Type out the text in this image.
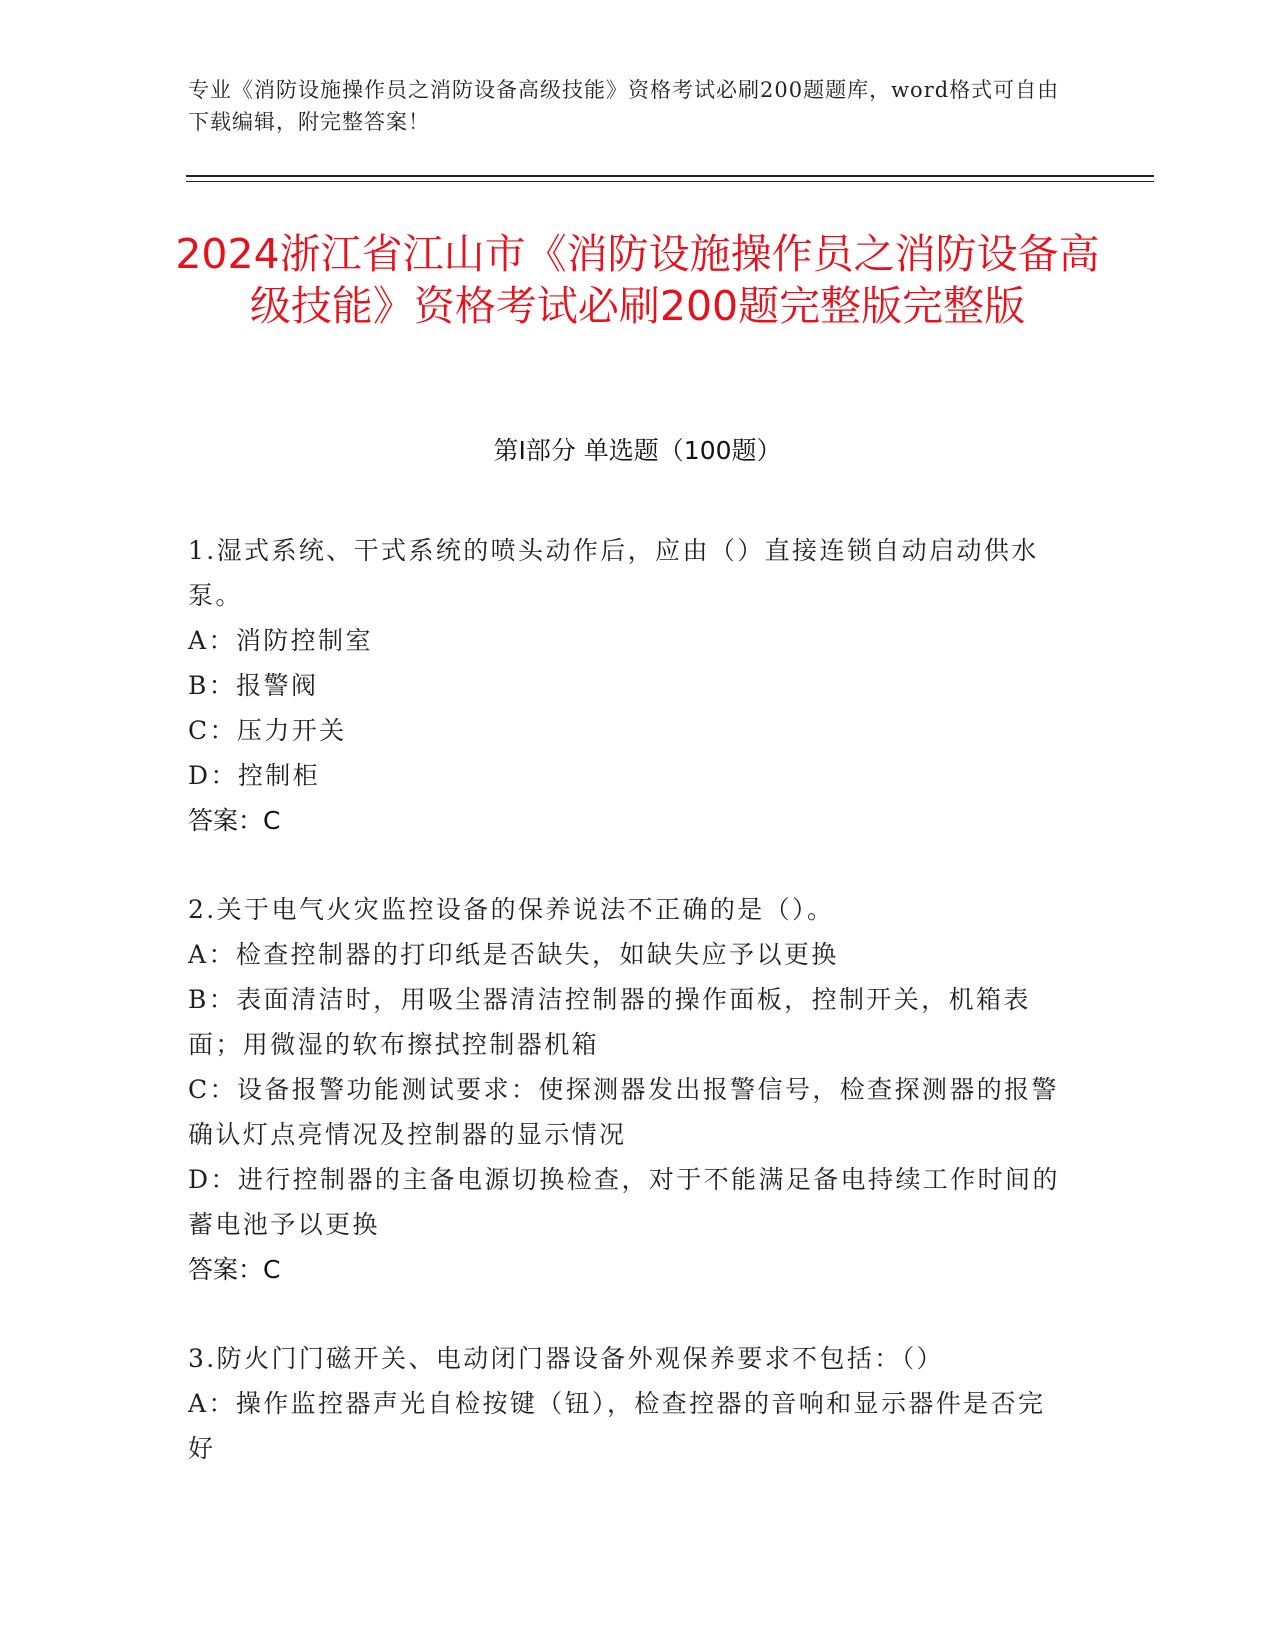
专业《消防设施操作员之消防设备高级技能》资格考试必刷200题题库，word格式可自由下载编辑，附完整答案！
2024浙江省江山市《消防设施操作员之消防设备高级技能》资格考试必刷200题完整版完整版
第Ⅰ部分 单选题（100题）
1.湿式系统、干式系统的喷头动作后，应由（）直接连锁自动启动供水泵。
A：消防控制室
B：报警阀
C：压力开关
D：控制柜
答案：C
2.关于电气火灾监控设备的保养说法不正确的是（）。
A：检查控制器的打印纸是否缺失，如缺失应予以更换
B：表面清洁时，用吸尘器清洁控制器的操作面板，控制开关，机箱表面；用微湿的软布擦拭控制器机箱
C：设备报警功能测试要求：使探测器发出报警信号，检查探测器的报警确认灯点亮情况及控制器的显示情况
D：进行控制器的主备电源切换检查，对于不能满足备电持续工作时间的蓄电池予以更换
答案：C
3.防火门门磁开关、电动闭门器设备外观保养要求不包括：（）
A：操作监控器声光自检按键（钮），检查控器的音响和显示器件是否完好
